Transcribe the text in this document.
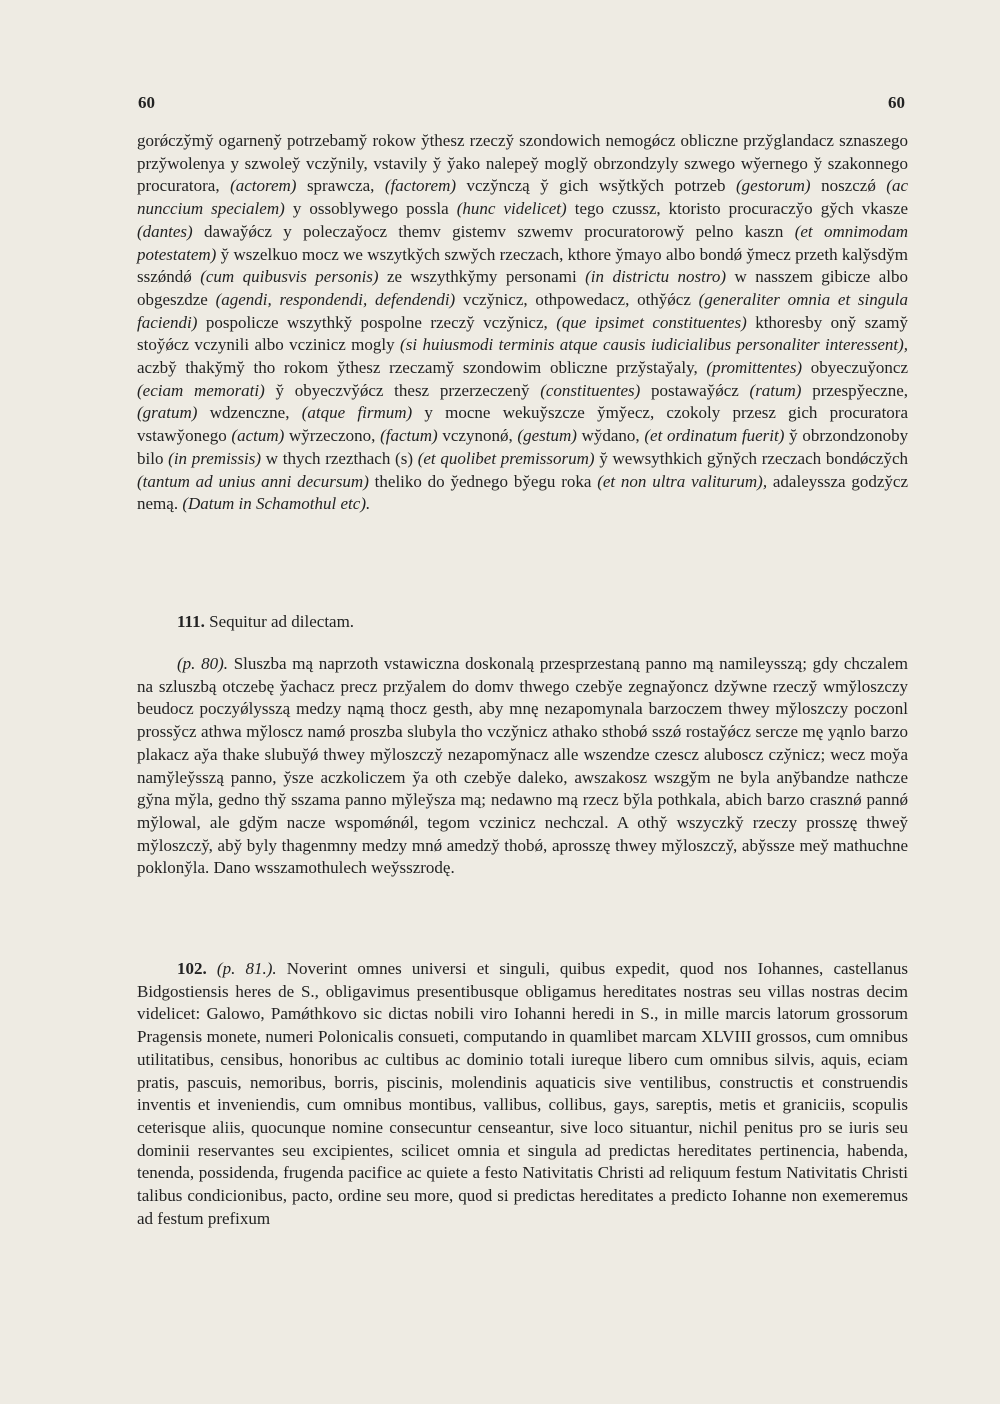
60	60
gorǿczy̆my̆ ogarneny̆ potrzebamy̆ rokow y̆thesz rzeczy̆ szondowich nemogǿcz obliczne przy̆glandacz sznaszego przy̆wolenya y szwoley̆ vczy̆nily, vstavily y̆ y̆ako nalepey̆ mogly̆ obrzondzyly szwego wy̆ernego y̆ szakonnego procuratora, (actorem) sprawcza, (factorem) vczy̆nczą y̆ gich wsy̆tky̆ch potrzeb (gestorum) noszczǿ (ac nunccium specialem) y ossoblywego possla (hunc videlicet) tego czussz, ktoristo procuraczy̆o gy̆ch vkasze (dantes) daway̆ǿcz y poleczay̆ocz themv gistemv szwemv procuratorowy̆ pelno kaszn (et omnimodam potestatem) y̆ wszelkuo mocz we wszytky̆ch szwy̆ch rzeczach, kthore y̆mayo albo bondǿ y̆mecz przeth kaly̆sdy̆m sszǿndǿ (cum quibusvis personis) ze wszythky̆my personami (in districtu nostro) w nasszem gibicze albo obgeszdze (agendi, respondendi, defendendi) vczy̆nicz, othpowedacz, othy̆ǿcz (generaliter omnia et singula faciendi) pospolicze wszythky̆ pospolne rzeczy̆ vczy̆nicz, (que ipsimet constituentes) kthoresby ony̆ szamy̆ stoy̆ǿcz vczynili albo vczinicz mogly (si huiusmodi terminis atque causis iudicialibus personaliter interessent), aczby̆ thaky̆my̆ tho rokom y̆thesz rzeczamy̆ szondowim obliczne przy̆stay̆aly, (promittentes) obyeczuy̆oncz (eciam memorati) y̆ obyeczvy̆ǿcz thesz przerzeczeny̆ (constituentes) postaway̆ǿcz (ratum) przespy̆eczne, (gratum) wdzenczne, (atque firmum) y mocne wekuy̆szcze y̆my̆ecz, czokoly przesz gich procuratora vstawy̆onego (actum) wy̆rzeczono, (factum) vczynonǿ, (gestum) wy̆dano, (et ordinatum fuerit) y̆ obrzondzonoby bilo (in premissis) w thych rzezthach (s) (et quolibet premissorum) y̆ wewsythkich gy̆ny̆ch rzeczach bondǿczy̆ch (tantum ad unius anni decursum) theliko do y̆ednego by̆egu roka (et non ultra valiturum), adaleyssza godzy̆cz nemą. (Datum in Schamothul etc).
111. Sequitur ad dilectam.
(p. 80). Sluszba mą naprzoth vstawiczna doskonalą przesprzestaną panno mą namileysszą; gdy chczalem na szluszbą otczebę y̆achacz precz przy̆alem do domv thwego czeby̆e zegnay̆oncz dzy̆wne rzeczy̆ wmy̆loszczy beudocz poczyǿlysszą medzy nąmą thocz gesth, aby mnę nezapomynala barzoczem thwey my̆loszczy poczonl prossy̆cz athwa my̆loscz namǿ proszba slubyla tho vczy̆nicz athako sthobǿ sszǿ rostay̆ǿcz sercze mę yąnlo barzo plakacz ay̆a thake slubuy̆ǿ thwey my̆loszczy̆ nezapomy̆nacz alle wszendze czescz aluboscz czy̆nicz; wecz moy̆a namy̆ley̆sszą panno, y̆sze aczkoliczem y̆a oth czeby̆e daleko, awszakosz wszgy̆m ne byla any̆bandze nathcze gy̆na my̆la, gedno thy̆ sszama panno my̆ley̆sza mą; nedawno mą rzecz by̆la pothkala, abich barzo crasznǿ pannǿ my̆lowal, ale gdy̆m nacze wspomǿnǿl, tegom vczinicz nechczal. A othy̆ wszyczky̆ rzeczy prosszę thwey̆ my̆loszczy̆, aby̆ byly thagenmny medzy mnǿ amedzy̆ thobǿ, aprosszę thwey my̆loszczy̆, aby̆ssze mey̆ mathuchne poklony̆la. Dano wsszamothulech wey̆sszrodę.
102. (p. 81.). Noverint omnes universi et singuli, quibus expedit, quod nos Iohannes, castellanus Bidgostiensis heres de S., obligavimus presentibusque obligamus hereditates nostras seu villas nostras decim videlicet: Galowo, Pamǿthkovo sic dictas nobili viro Iohanni heredi in S., in mille marcis latorum grossorum Pragensis monete, numeri Polonicalis consueti, computando in quamlibet marcam XLVIII grossos, cum omnibus utilitatibus, censibus, honoribus ac cultibus ac dominio totali iureque libero cum omnibus silvis, aquis, eciam pratis, pascuis, nemoribus, borris, piscinis, molendinis aquaticis sive ventilibus, constructis et construendis inventis et inveniendis, cum omnibus montibus, vallibus, collibus, gays, sareptis, metis et graniciis, scopulis ceterisque aliis, quocunque nomine consecuntur censeantur, sive loco situantur, nichil penitus pro se iuris seu dominii reservantes seu excipientes, scilicet omnia et singula ad predictas hereditates pertinencia, habenda, tenenda, possidenda, frugenda pacifice ac quiete a festo Nativitatis Christi ad reliquum festum Nativitatis Christi talibus condicionibus, pacto, ordine seu more, quod si predictas hereditates a predicto Iohanne non exemeremus ad festum prefixum
